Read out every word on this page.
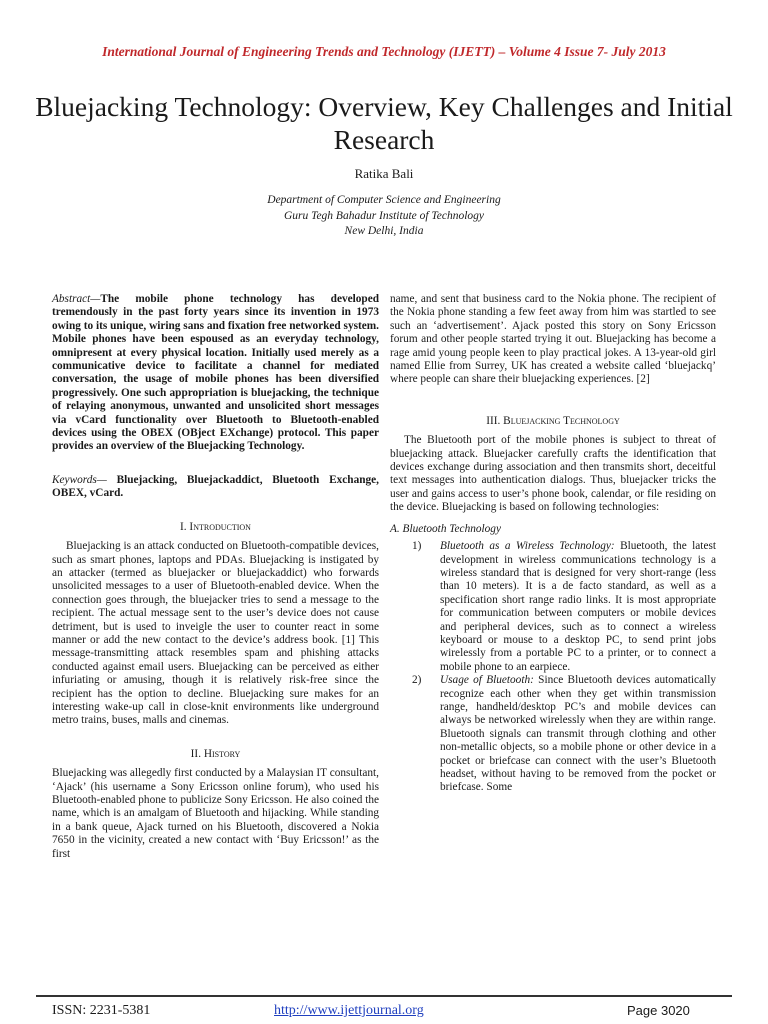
International Journal of Engineering Trends and Technology (IJETT) – Volume 4 Issue 7- July 2013
Bluejacking Technology: Overview, Key Challenges and Initial Research
Ratika Bali
Department of Computer Science and Engineering
Guru Tegh Bahadur Institute of Technology
New Delhi, India

Abstract—The mobile phone technology has developed tremendously in the past forty years since its invention in 1973 owing to its unique, wiring sans and fixation free networked system. Mobile phones have been espoused as an everyday technology, omnipresent at every physical location. Initially used merely as a communicative device to facilitate a channel for mediated conversation, the usage of mobile phones has been diversified progressively. One such appropriation is bluejacking, the technique of relaying anonymous, unwanted and unsolicited short messages via vCard functionality over Bluetooth to Bluetooth-enabled devices using the OBEX (OBject EXchange) protocol. This paper provides an overview of the Bluejacking Technology.

Keywords— Bluejacking, Bluejackaddict, Bluetooth Exchange, OBEX, vCard.

I. Introduction

Bluejacking is an attack conducted on Bluetooth-compatible devices, such as smart phones, laptops and PDAs. Bluejacking is instigated by an attacker (termed as bluejacker or bluejackaddict) who forwards unsolicited messages to a user of Bluetooth-enabled device. When the connection goes through, the bluejacker tries to send a message to the recipient. The actual message sent to the user’s device does not cause detriment, but is used to inveigle the user to counter react in some manner or add the new contact to the device’s address book. [1] This message-transmitting attack resembles spam and phishing attacks conducted against email users. Bluejacking can be perceived as either infuriating or amusing, though it is relatively risk-free since the recipient has the option to decline. Bluejacking sure makes for an interesting wake-up call in close-knit environments like underground metro trains, buses, malls and cinemas.

II. History

Bluejacking was allegedly first conducted by a Malaysian IT consultant, ‘Ajack’ (his username a Sony Ericsson online forum), who used his Bluetooth-enabled phone to publicize Sony Ericsson. He also coined the name, which is an amalgam of Bluetooth and hijacking. While standing in a bank queue, Ajack turned on his Bluetooth, discovered a Nokia 7650 in the vicinity, created a new contact with ‘Buy Ericsson!’ as the first

name, and sent that business card to the Nokia phone. The recipient of the Nokia phone standing a few feet away from him was startled to see such an ‘advertisement’. Ajack posted this story on Sony Ericsson forum and other people started trying it out. Bluejacking has become a rage amid young people keen to play practical jokes. A 13-year-old girl named Ellie from Surrey, UK has created a website called ‘bluejackq’ where people can share their bluejacking experiences. [2]

III. Bluejacking Technology

The Bluetooth port of the mobile phones is subject to threat of bluejacking attack. Bluejacker carefully crafts the identification that devices exchange during association and then transmits short, deceitful text messages into authentication dialogs. Thus, bluejacker tricks the user and gains access to user’s phone book, calendar, or file residing on the device. Bluejacking is based on following technologies:

A. Bluetooth Technology
1)	Bluetooth as a Wireless Technology: Bluetooth, the latest development in wireless communications technology is a wireless standard that is designed for very short-range (less than 10 meters). It is a de facto standard, as well as a specification short range radio links. It is most appropriate for communication between computers or mobile devices and peripheral devices, such as to connect a wireless keyboard or mouse to a desktop PC, to send print jobs wirelessly from a portable PC to a printer, or to connect a mobile phone to an earpiece.
2)	Usage of Bluetooth: Since Bluetooth devices automatically recognize each other when they get within transmission range, handheld/desktop PC’s and mobile devices can always be networked wirelessly when they are within range. Bluetooth signals can transmit through clothing and other non-metallic objects, so a mobile phone or other device in a pocket or briefcase can connect with the user’s Bluetooth headset, without having to be removed from the pocket or briefcase. Some
ISSN: 2231-5381	http://www.ijettjournal.org	Page 3020
